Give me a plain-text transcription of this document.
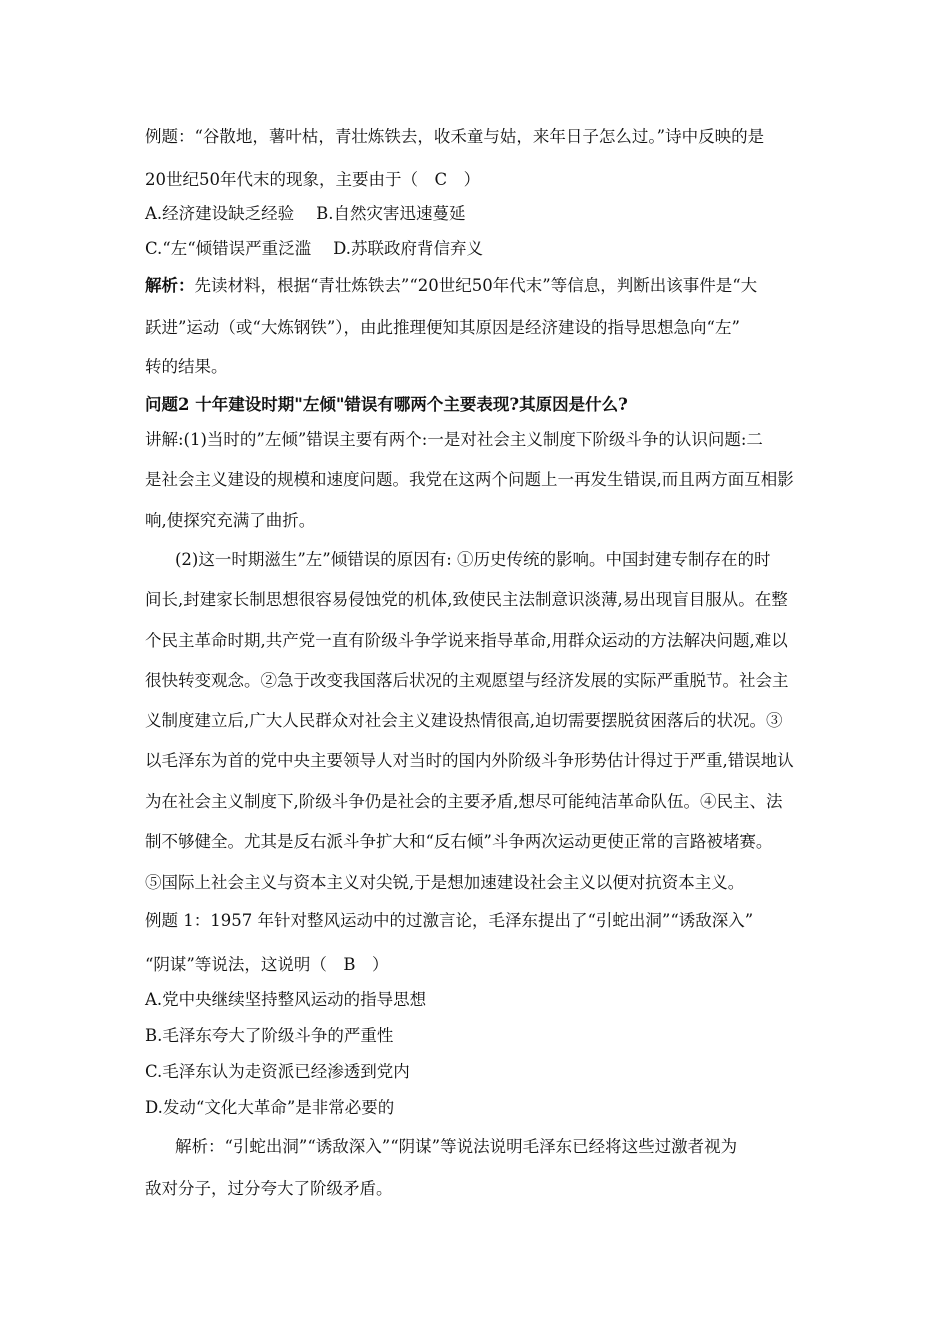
例题：“谷散地，薯叶枯，青壮炼铁去，收禾童与姑，来年日子怎么过。”诗中反映的是
20世纪50年代末的现象，主要由于（　C　）
A.经济建设缺乏经验 B.自然灾害迅速蔓延
C.“左“倾错误严重泛滥 D.苏联政府背信弃义
解析：先读材料，根据“青壮炼铁去”“20世纪50年代末”等信息，判断出该事件是“大
跃进”运动（或“大炼钢铁”），由此推理便知其原因是经济建设的指导思想急向“左”
转的结果。
问题2 十年建设时期"左倾"错误有哪两个主要表现?其原因是什么?
讲解:(1)当时的”左倾”错误主要有两个:一是对社会主义制度下阶级斗争的认识问题:二
是社会主义建设的规模和速度问题。我党在这两个问题上一再发生错误,而且两方面互相影
响,使探究充满了曲折。
(2)这一时期滋生”左”倾错误的原因有: ①历史传统的影响。中国封建专制存在的时
间长,封建家长制思想很容易侵蚀党的机体,致使民主法制意识淡薄,易出现盲目服从。在整
个民主革命时期,共产党一直有阶级斗争学说来指导革命,用群众运动的方法解决问题,难以
很快转变观念。②急于改变我国落后状况的主观愿望与经济发展的实际严重脱节。社会主
义制度建立后,广大人民群众对社会主义建设热情很高,迫切需要摆脱贫困落后的状况。③
以毛泽东为首的党中央主要领导人对当时的国内外阶级斗争形势估计得过于严重,错误地认
为在社会主义制度下,阶级斗争仍是社会的主要矛盾,想尽可能纯洁革命队伍。④民主、法
制不够健全。尤其是反右派斗争扩大和“反右倾”斗争两次运动更使正常的言路被堵赛。
⑤国际上社会主义与资本主义对尖锐,于是想加速建设社会主义以便对抗资本主义。
例题 1：1957 年针对整风运动中的过激言论，毛泽东提出了“引蛇出洞”“诱敌深入”
“阴谋”等说法，这说明（　B　）
A.党中央继续坚持整风运动的指导思想
B.毛泽东夸大了阶级斗争的严重性
C.毛泽东认为走资派已经渗透到党内
D.发动“文化大革命”是非常必要的
解析：“引蛇出洞”“诱敌深入”“阴谋”等说法说明毛泽东已经将这些过激者视为
敌对分子，过分夸大了阶级矛盾。
